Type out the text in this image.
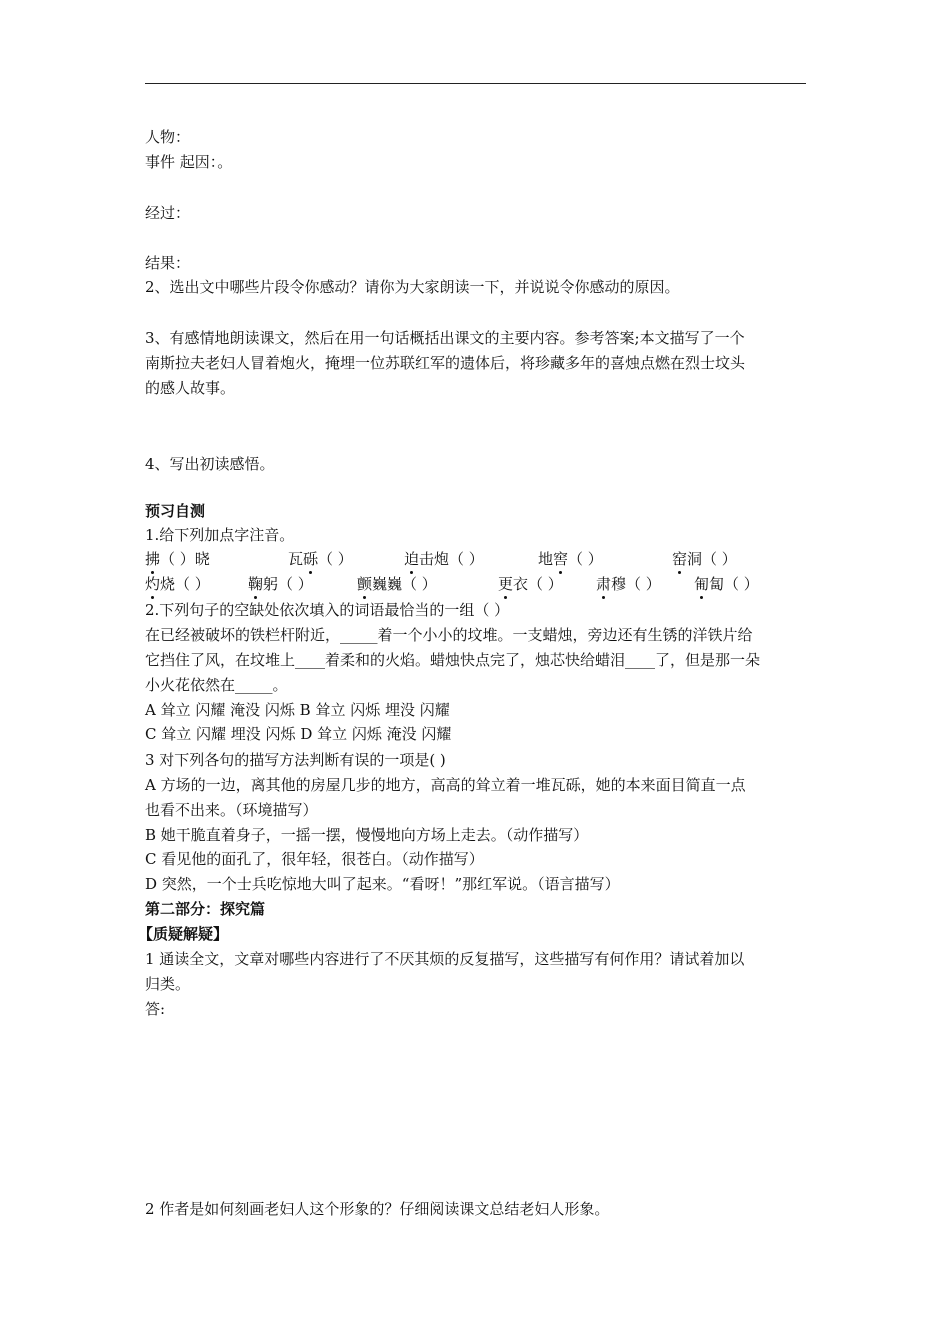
人物：
事件 起因：。
经过：
结果：
2、选出文中哪些片段令你感动？请你为大家朗读一下，并说说令你感动的原因。
3、有感情地朗读课文，然后在用一句话概括出课文的主要内容。参考答案;本文描写了一个
南斯拉夫老妇人冒着炮火，掩埋一位苏联红军的遗体后，将珍藏多年的喜烛点燃在烈士坟头
的感人故事。
4、写出初读感悟。
预习自测
1.给下列加点字注音。
拂（ ）晓	瓦砾（ ）	迫击炮（ ）	地窖（ ）	窑洞（ ）
灼烧（ ）	鞠躬（ ）	颤巍巍（ ）	更衣（ ） 肃穆（ ） 匍匐（ ）
2.下列句子的空缺处依次填入的词语最恰当的一组（ ）
在已经被破坏的铁栏杆附近，_____着一个小小的坟堆。一支蜡烛，旁边还有生锈的洋铁片给
它挡住了风，在坟堆上____着柔和的火焰。蜡烛快点完了，烛芯快给蜡泪____了，但是那一朵
小火花依然在_____。
A 耸立 闪耀 淹没 闪烁 B 耸立 闪烁 埋没 闪耀
C 耸立 闪耀 埋没 闪烁 D 耸立 闪烁 淹没 闪耀
3 对下列各句的描写方法判断有误的一项是( )
A 方场的一边，离其他的房屋几步的地方，高高的耸立着一堆瓦砾，她的本来面目简直一点
也看不出来。（环境描写）
B 她干脆直着身子，一摇一摆，慢慢地向方场上走去。（动作描写）
C 看见他的面孔了，很年轻，很苍白。（动作描写）
D 突然，一个士兵吃惊地大叫了起来。“看呀！”那红军说。（语言描写）
第二部分：探究篇
【质疑解疑】
1 通读全文，文章对哪些内容进行了不厌其烦的反复描写，这些描写有何作用？请试着加以
归类。
答:
2 作者是如何刻画老妇人这个形象的？仔细阅读课文总结老妇人形象。
